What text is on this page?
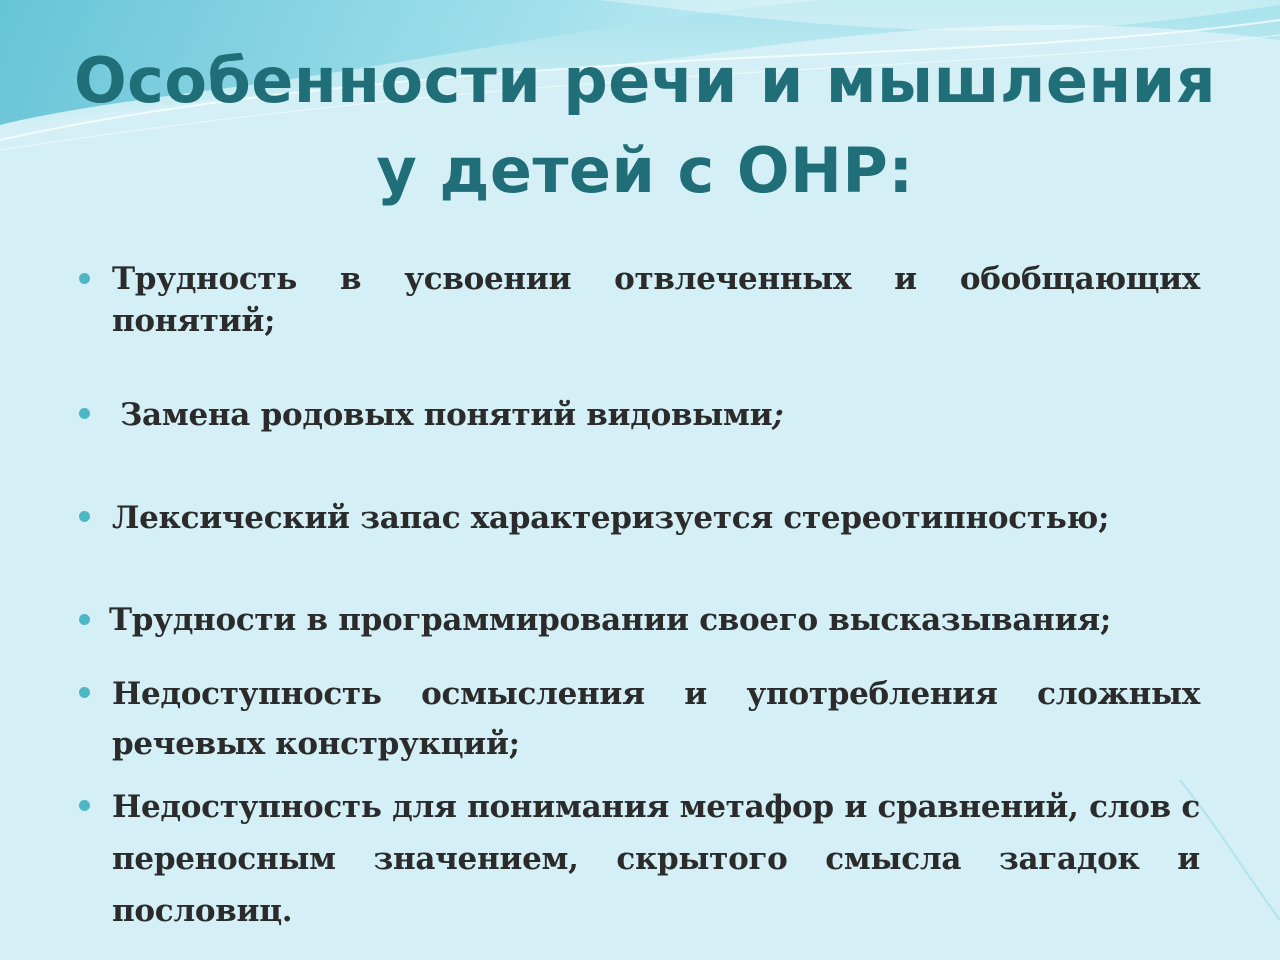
Особенности речи и мышления
у детей с ОНР:
Трудность в усвоении отвлеченных и обобщающих понятий;
Замена родовых понятий видовыми;
Лексический запас характеризуется стереотипностью;
Трудности в программировании своего высказывания;
Недоступность осмысления и употребления сложных речевых конструкций;
Недоступность для понимания метафор и сравнений, слов с переносным значением, скрытого смысла загадок и пословиц.
